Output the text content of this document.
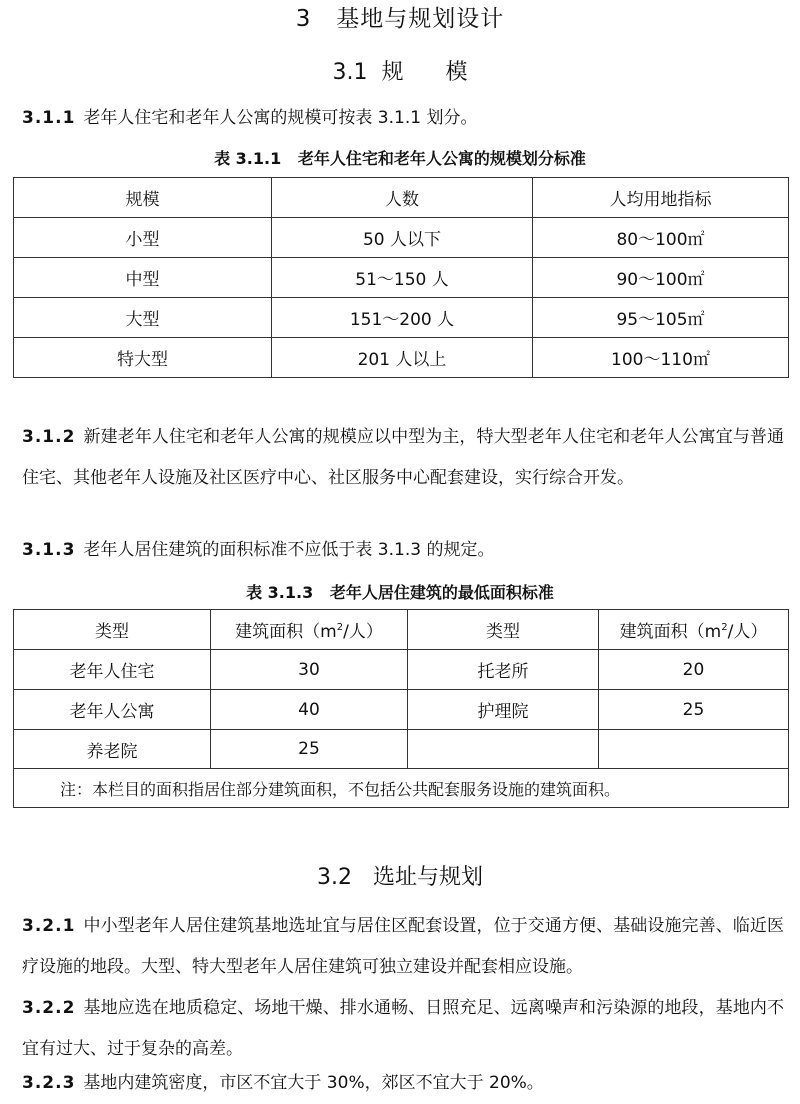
3   基地与规划设计
3.1  规      模
3.1.1 老年人住宅和老年人公寓的规模可按表 3.1.1 划分。
表 3.1.1   老年人住宅和老年人公寓的规模划分标准
规模	人数	人均用地指标
小型	50 人以下	80～100㎡
中型	51～150 人	90～100㎡
大型	151～200 人	95～105㎡
特大型	201 人以上	100～110㎡
3.1.2 新建老年人住宅和老年人公寓的规模应以中型为主，特大型老年人住宅和老年人公寓宜与普通住宅、其他老年人设施及社区医疗中心、社区服务中心配套建设，实行综合开发。
3.1.3 老年人居住建筑的面积标准不应低于表 3.1.3 的规定。
表 3.1.3   老年人居住建筑的最低面积标准
类型	建筑面积（$m^2/$人）	类型	建筑面积（$m^2/$人）
老年人住宅	30	托老所	20
老年人公寓	40	护理院	25
养老院	25		
注：本栏目的面积指居住部分建筑面积，不包括公共配套服务设施的建筑面积。			
3.2   选址与规划
3.2.1 中小型老年人居住建筑基地选址宜与居住区配套设置，位于交通方便、基础设施完善、临近医疗设施的地段。大型、特大型老年人居住建筑可独立建设并配套相应设施。
3.2.2 基地应选在地质稳定、场地干燥、排水通畅、日照充足、远离噪声和污染源的地段，基地内不宜有过大、过于复杂的高差。
3.2.3 基地内建筑密度，市区不宜大于 30%，郊区不宜大于 20%。
